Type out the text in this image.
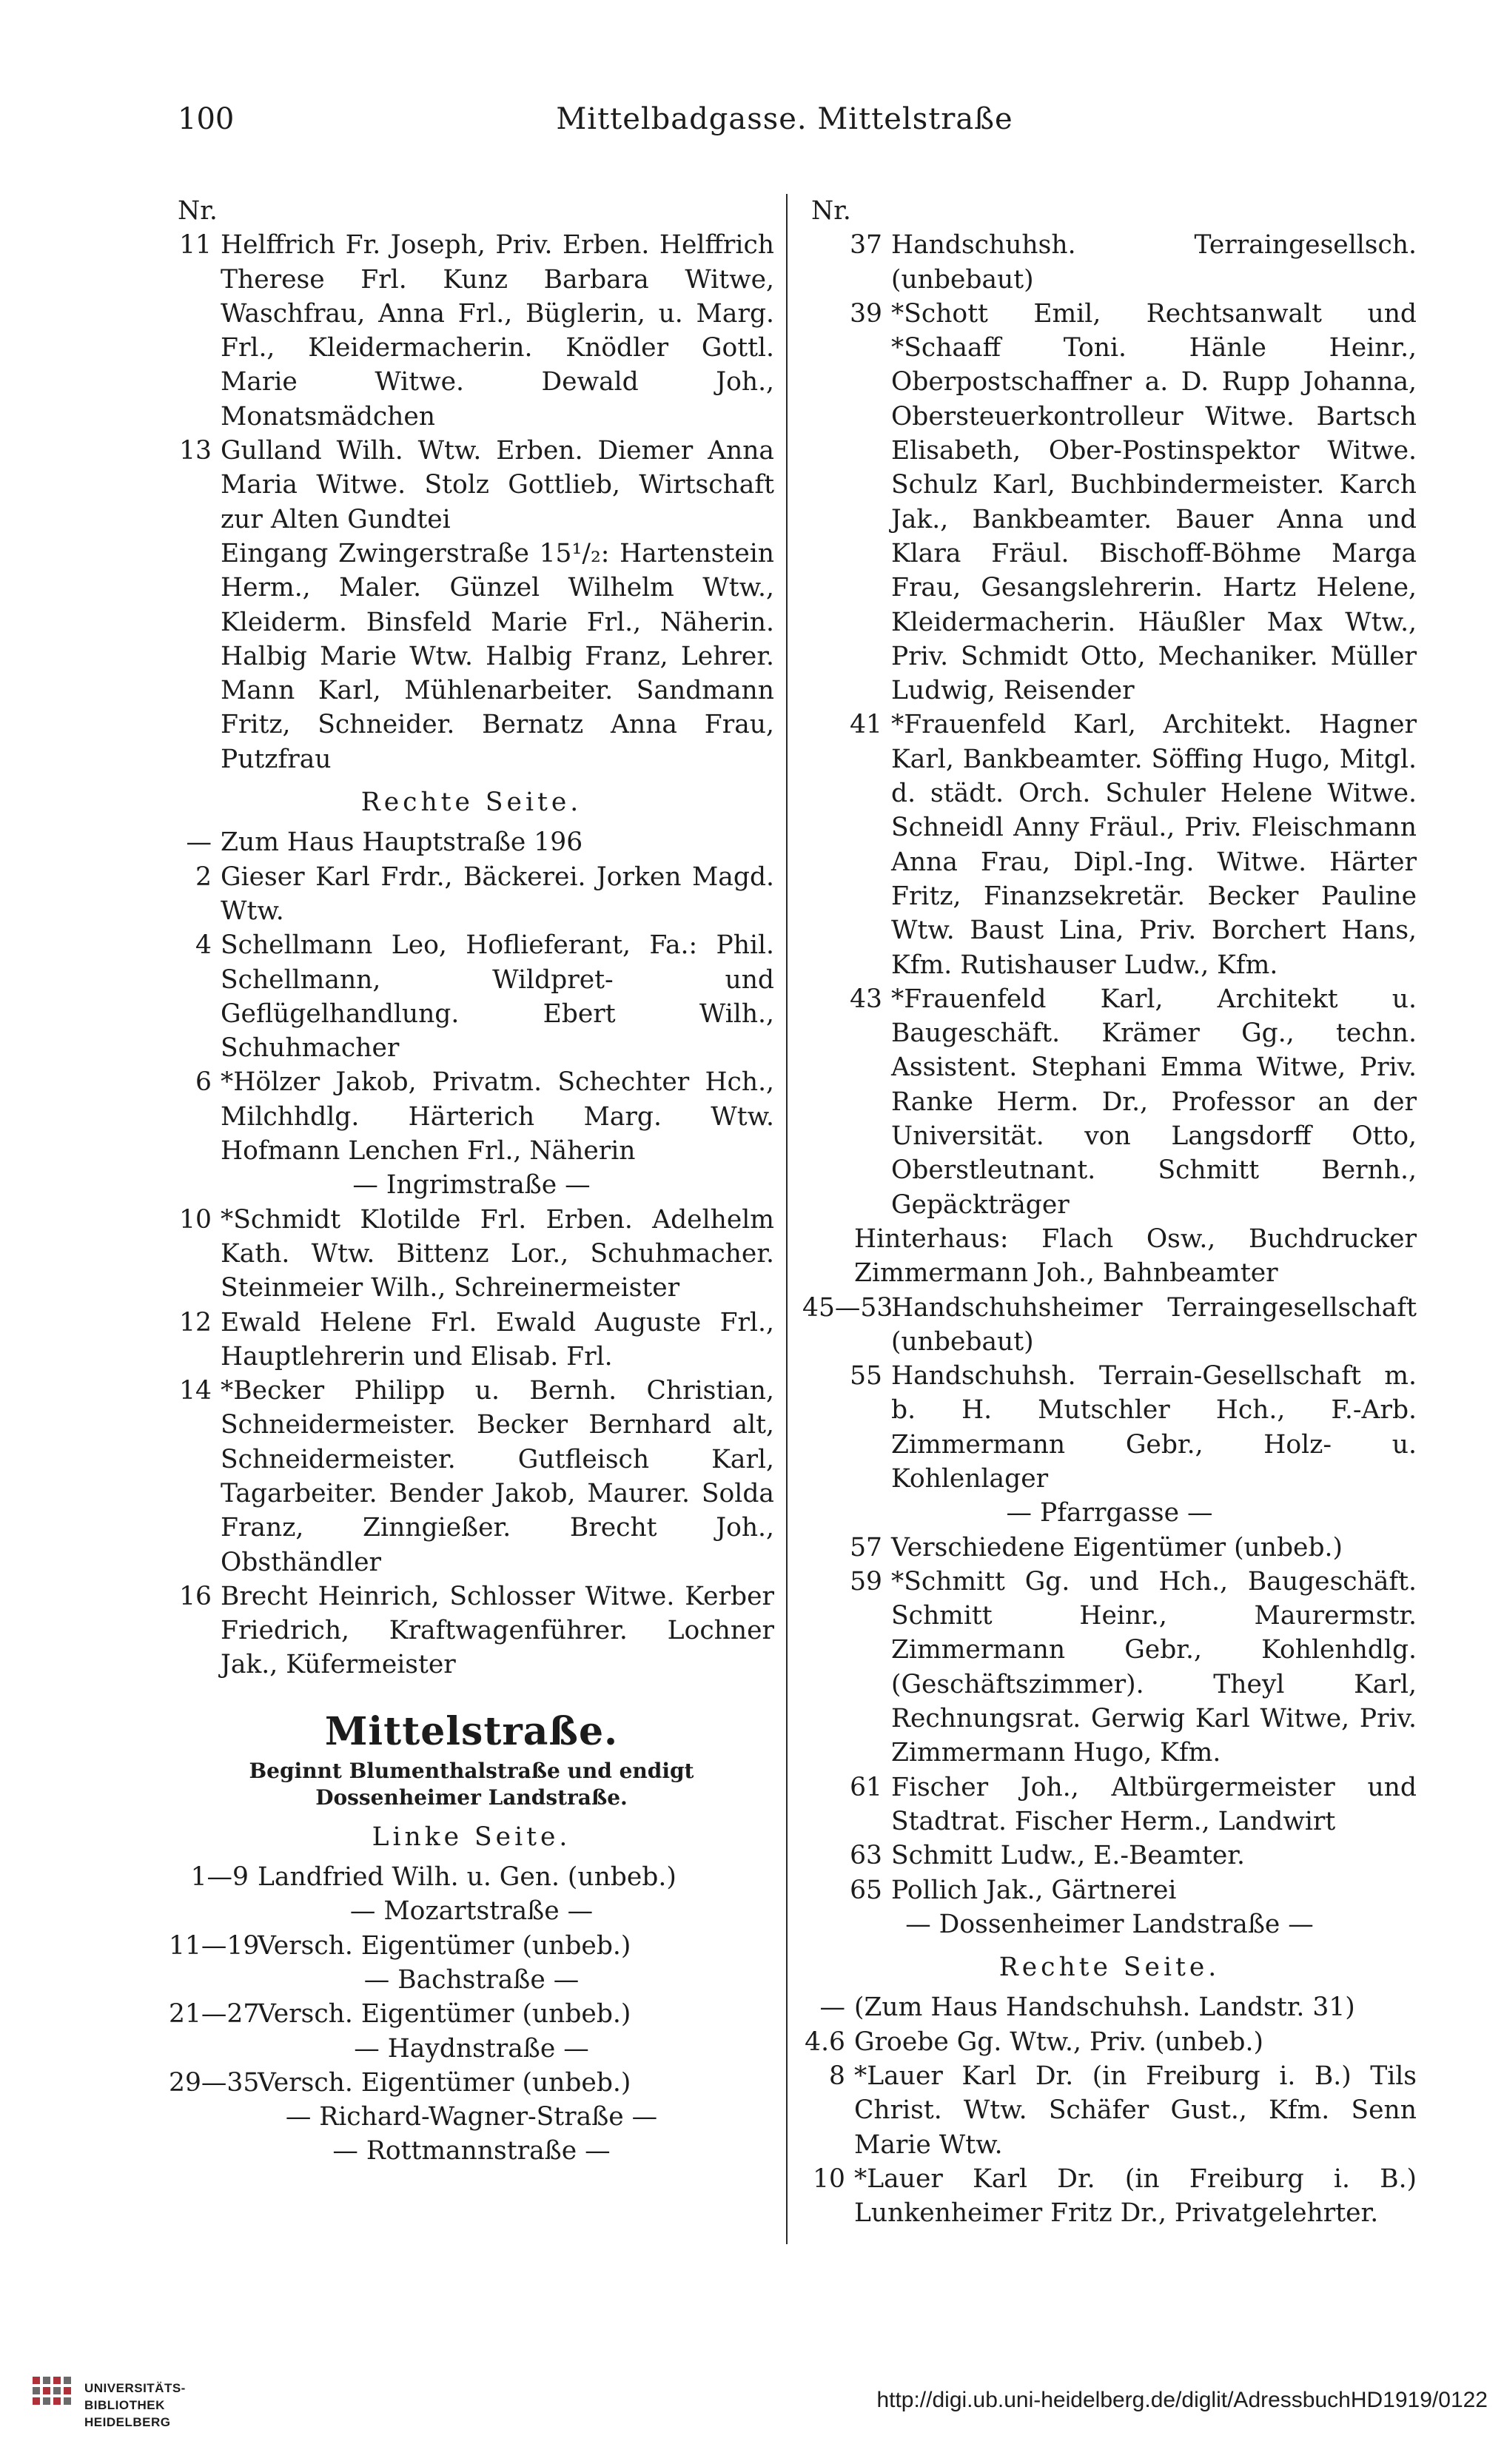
100	Mittelbadgasse. Mittelstraße
Nr.
11 Helffrich Fr. Joseph, Priv. Erben. Helffrich Therese Frl. Kunz Barbara Witwe, Waschfrau, Anna Frl., Büglerin, u. Marg. Frl., Kleidermacherin. Knödler Gottl. Marie Witwe. Dewald Joh., Monatsmädchen
13 Gulland Wilh. Wtw. Erben. Diemer Anna Maria Witwe. Stolz Gottlieb, Wirtschaft zur Alten Gundtei
Eingang Zwingerstraße 15¹/₂: Hartenstein Herm., Maler. Günzel Wilhelm Wtw., Kleiderm. Binsfeld Marie Frl., Näherin. Halbig Marie Wtw. Halbig Franz, Lehrer. Mann Karl, Mühlenarbeiter. Sandmann Fritz, Schneider. Bernatz Anna Frau, Putzfrau
Rechte Seite.
— Zum Haus Hauptstraße 196
2 Gieser Karl Frdr., Bäckerei. Jorken Magd. Wtw.
4 Schellmann Leo, Hoflieferant, Fa.: Phil. Schellmann, Wildpret- und Geflügelhandlung. Ebert Wilh., Schuhmacher
6 *Hölzer Jakob, Privatm. Schechter Hch., Milchhdlg. Härterich Marg. Wtw. Hofmann Lenchen Frl., Näherin
— Ingrimstraße —
10 *Schmidt Klotilde Frl. Erben. Adelhelm Kath. Wtw. Bittenz Lor., Schuhmacher. Steinmeier Wilh., Schreinermeister
12 Ewald Helene Frl. Ewald Auguste Frl., Hauptlehrerin und Elisab. Frl.
14 *Becker Philipp u. Bernh. Christian, Schneidermeister. Becker Bernhard alt, Schneidermeister. Gutfleisch Karl, Tagarbeiter. Bender Jakob, Maurer. Solda Franz, Zinngießer. Brecht Joh., Obsthändler
16 Brecht Heinrich, Schlosser Witwe. Kerber Friedrich, Kraftwagenführer. Lochner Jak., Küfermeister
Mittelstraße.
Beginnt Blumenthalstraße und endigt Dossenheimer Landstraße.
Linke Seite.
1—9 Landfried Wilh. u. Gen. (unbeb.)
— Mozartstraße —
11—19
Versch. Eigentümer (unbeb.)
— Bachstraße —
21—27
Versch. Eigentümer (unbeb.)
— Haydnstraße —
29—35
Versch. Eigentümer (unbeb.)
— Richard-Wagner-Straße —
— Rottmannstraße —
Nr.
37 Handschuhsh. Terraingesellsch. (unbebaut)
39 *Schott Emil, Rechtsanwalt und *Schaaff Toni. Hänle Heinr., Oberpostschaffner a. D. Rupp Johanna, Obersteuerkontrolleur Witwe. Bartsch Elisabeth, Ober-Postinspektor Witwe. Schulz Karl, Buchbindermeister. Karch Jak., Bankbeamter. Bauer Anna und Klara Fräul. Bischoff-Böhme Marga Frau, Gesangslehrerin. Hartz Helene, Kleidermacherin. Häußler Max Wtw., Priv. Schmidt Otto, Mechaniker. Müller Ludwig, Reisender
41 *Frauenfeld Karl, Architekt. Hagner Karl, Bankbeamter. Söffing Hugo, Mitgl. d. städt. Orch. Schuler Helene Witwe. Schneidl Anny Fräul., Priv. Fleischmann Anna Frau, Dipl.-Ing. Witwe. Härter Fritz, Finanzsekretär. Becker Pauline Wtw. Baust Lina, Priv. Borchert Hans, Kfm. Rutishauser Ludw., Kfm.
43 *Frauenfeld Karl, Architekt u. Baugeschäft. Krämer Gg., techn. Assistent. Stephani Emma Witwe, Priv. Ranke Herm. Dr., Professor an der Universität. von Langsdorff Otto, Oberstleutnant. Schmitt Bernh., Gepäckträger
Hinterhaus: Flach Osw., Buchdrucker Zimmermann Joh., Bahnbeamter
45—53
Handschuhsheimer Terraingesellschaft (unbebaut)
55 Handschuhsh. Terrain-Gesellschaft m. b. H. Mutschler Hch., F.-Arb. Zimmermann Gebr., Holz- u. Kohlenlager
— Pfarrgasse —
57 Verschiedene Eigentümer (unbeb.)
59 *Schmitt Gg. und Hch., Baugeschäft. Schmitt Heinr., Maurermstr. Zimmermann Gebr., Kohlenhdlg. (Geschäftszimmer). Theyl Karl, Rechnungsrat. Gerwig Karl Witwe, Priv. Zimmermann Hugo, Kfm.
61 Fischer Joh., Altbürgermeister und Stadtrat. Fischer Herm., Landwirt
63 Schmitt Ludw., E.-Beamter.
65 Pollich Jak., Gärtnerei
— Dossenheimer Landstraße —
Rechte Seite.
— (Zum Haus Handschuhsh. Landstr. 31)
4.6 Groebe Gg. Wtw., Priv. (unbeb.)
8 *Lauer Karl Dr. (in Freiburg i. B.) Tils Christ. Wtw. Schäfer Gust., Kfm. Senn Marie Wtw.
10 *Lauer Karl Dr. (in Freiburg i. B.) Lunkenheimer Fritz Dr., Privatgelehrter.
UNIVERSITÄTS-
BIBLIOTHEK
HEIDELBERG
http://digi.ub.uni-heidelberg.de/diglit/AdressbuchHD1919/0122
